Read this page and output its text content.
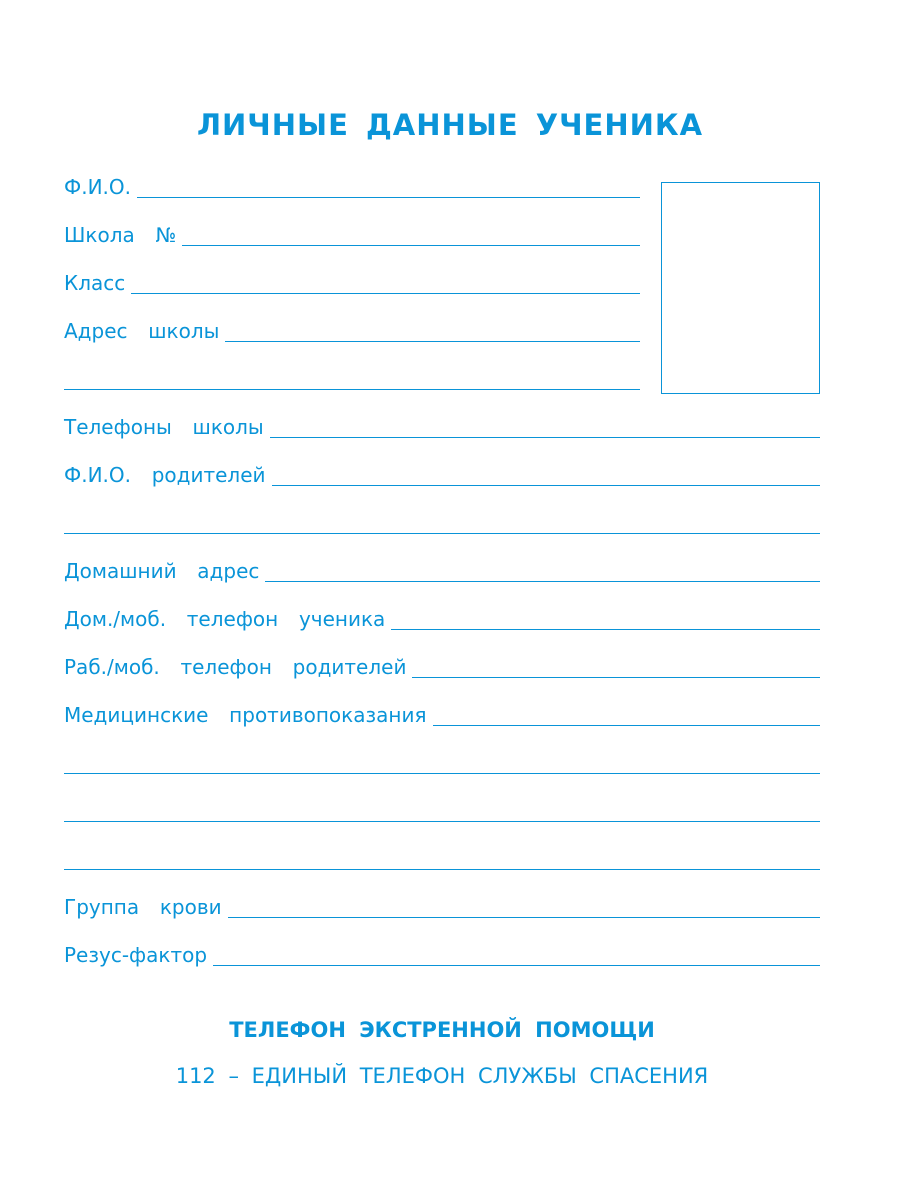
ЛИЧНЫЕ ДАННЫЕ УЧЕНИКА
Ф.И.О.
Школа  №
Класс
Адрес  школы
Телефоны  школы
Ф.И.О.  родителей
Домашний  адрес
Дом./моб.  телефон  ученика
Раб./моб.  телефон  родителей
Медицинские  противопоказания
Группа  крови
Резус-фактор
ТЕЛЕФОН ЭКСТРЕННОЙ ПОМОЩИ
112 – ЕДИНЫЙ ТЕЛЕФОН СЛУЖБЫ СПАСЕНИЯ
